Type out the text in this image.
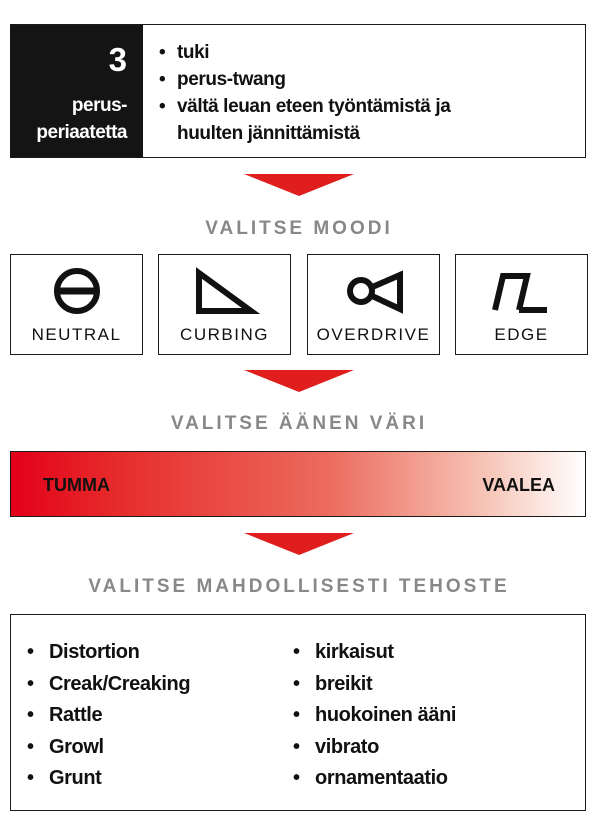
3
perus-
periaatetta
• tuki
• perus-twang
• vältä leuan eteen työntämistä ja
huulten jännittämistä
VALITSE MOODI
NEUTRAL	CURBING	OVERDRIVE	EDGE
VALITSE ÄÄNEN VÄRI
TUMMA	VAALEA
VALITSE MAHDOLLISESTI TEHOSTE
• Distortion
• Creak/Creaking
• Rattle
• Growl
• Grunt
• kirkaisut
• breikit
• huokoinen ääni
• vibrato
• ornamentaatio
